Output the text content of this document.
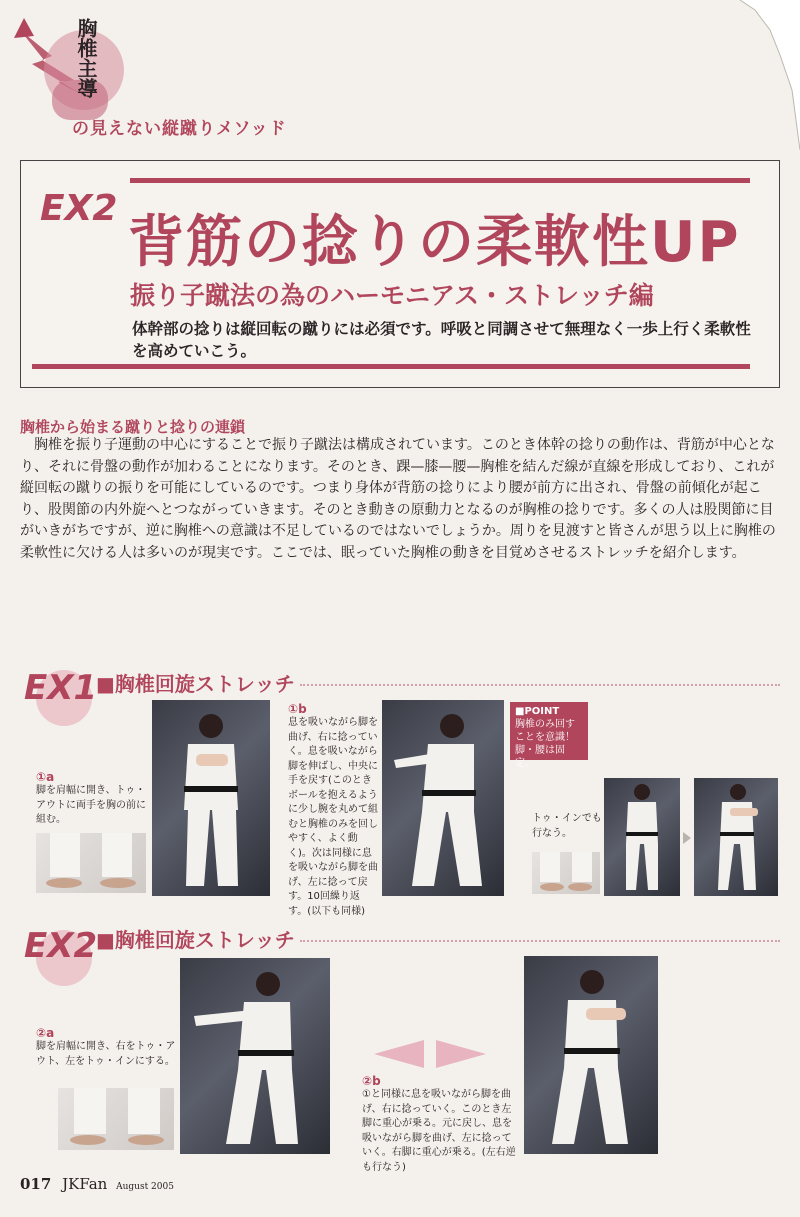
胸椎主導
の見えない縦蹴りメソッド
EX2
背筋の捻りの柔軟性UP
振り子蹴法の為のハーモニアス・ストレッチ編
体幹部の捻りは縦回転の蹴りには必須です。呼吸と同調させて無理なく一歩上行く柔軟性を高めていこう。
胸椎から始まる蹴りと捻りの連鎖
胸椎を振り子運動の中心にすることで振り子蹴法は構成されています。このとき体幹の捻りの動作は、背筋が中心となり、それに骨盤の動作が加わることになります。そのとき、踝—膝—腰—胸椎を結んだ線が直線を形成しており、これが縦回転の蹴りの振りを可能にしているのです。つまり身体が背筋の捻りにより腰が前方に出され、骨盤の前傾化が起こり、股関節の内外旋へとつながっていきます。そのとき動きの原動力となるのが胸椎の捻りです。多くの人は股関節に目がいきがちですが、逆に胸椎への意識は不足しているのではないでしょうか。周りを見渡すと皆さんが思う以上に胸椎の柔軟性に欠ける人は多いのが現実です。ここでは、眠っていた胸椎の動きを目覚めさせるストレッチを紹介します。
EX1
■胸椎回旋ストレッチ
①a
脚を肩幅に開き、トゥ・アウトに両手を胸の前に組む。
①b
息を吸いながら脚を曲げ、右に捻っていく。息を吸いながら脚を伸ばし、中央に手を戻す(このときボールを抱えるように少し腕を丸めて組むと胸椎のみを回しやすく、よく動く)。次は同様に息を吸いながら脚を曲げ、左に捻って戻す。10回繰り返す。(以下も同様)
■POINT
胸椎のみ回すことを意識！脚・腰は固定。
トゥ・インでも行なう。
EX2
■胸椎回旋ストレッチ
②a
脚を肩幅に開き、右をトゥ・アウト、左をトゥ・インにする。
②b
①と同様に息を吸いながら脚を曲げ、右に捻っていく。このとき左脚に重心が乗る。元に戻し、息を吸いながら脚を曲げ、左に捻っていく。右脚に重心が乗る。(左右逆も行なう)
017 JKFan August 2005
